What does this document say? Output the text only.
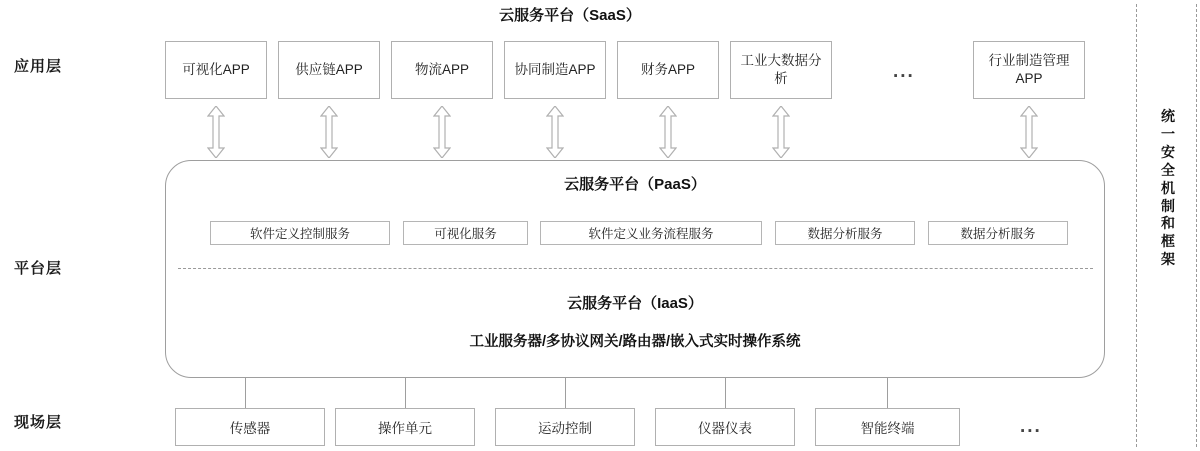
应用层
平台层
现场层
云服务平台（SaaS）
可视化APP	供应链APP	物流APP	协同制造APP	财务APP
工业大数据分析	...
行业制造管理 APP
云服务平台（PaaS）
软件定义控制服务	可视化服务	软件定义业务流程服务	数据分析服务	数据分析服务
云服务平台（IaaS）
工业服务器/多协议网关/路由器/嵌入式实时操作系统
传感器	操作单元	运动控制	仪器仪表	智能终端	...
统一安全机制和框架
